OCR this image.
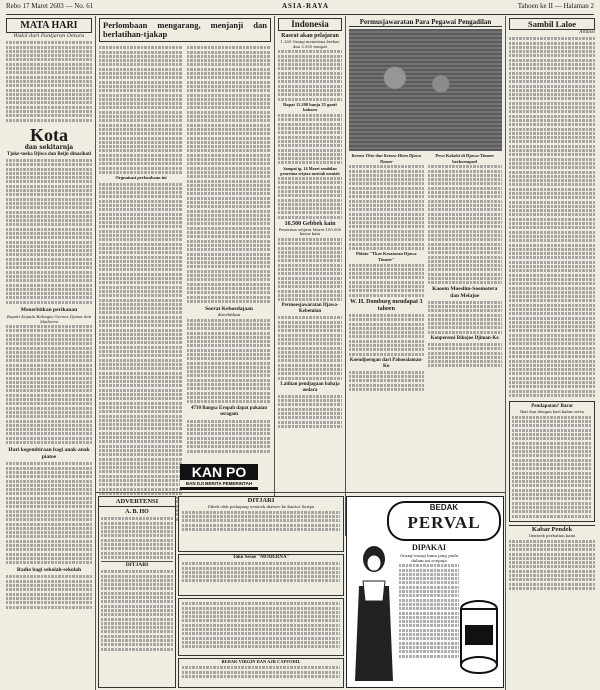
Rebo 17 Maret 2603 — No. 61	ASIA-RAYA	Tahoen ke II — Halaman 2
MATA HARI
Wakil dari Pantjaran Oetara
Kota
dan sekitarnja
Tjoke-toeka Djiwa dan Beijn dinasihati
Menerbitkan perikanan
Bupati Kepala Bahagia Oeroes Djawa dan Madoera
Hari kegembiraan bagi anak-anak piatoe
Radio bagi sekolah-sekolah
Perlombaan mengarang, menjanji dan berlatihan-tjakap
Orgnaisasi perlombaan ini
Soerat Keboedajaan
diterbitkan
4730 Bangsa Eropah dapat pakaian seragam
KAN PO
BAN DJI BERITA PEMERINTAH
Indonesia
Rasrat akan pelajaran
1.300 Orang menerima berkas dan 5.500 tempat
Rapat 11.200 banja 25 ganti baharu
Sampai tg. 14 Maret sembilan penerima setjara mentah mentah
16.500 Gebbek kain
Penerima setjara Maret 100.000 kasur kain
Permoesjawaratan Djawa-Kebetulan
Latihan pendjagaan bahaja oedara
Permusjawaratan Para Pegawai Pengadilan
Ketoea Thio-dan Ketoea Hiem Djawa Timoer
Pidato "Tkoe Kesatoean Djawa Timoer"
W. H. Domburg mendapat 3 tahoen
Koendjoengan dari Pahoealaman-Ko
Pewi Kokobi di Djawa-Timoer berkoempoel
Kaoem Moeslim-Soemotera dan Melajoe
Konperensi Rikojoe Djiman-Ko
Sambil Laloe
Ambisi
Pendapatan? Barat
Ikut dan dengan kari kabar serta
Kabar Pendek
Oentoek perhatian kami
ADVERTENSI
A. B. HO
DITJARI
DITJARI
Dibeli oleh pedagang oentoek diatoer ke Kantor Saripa
Toko Sesoe "MODERNA"
BEDAK VIRGIN DAN AJR CAFFODIL
BEDAK
PERVAL
DIPAKAI
Orang-orang lama jang pada dalam ini soepaja
